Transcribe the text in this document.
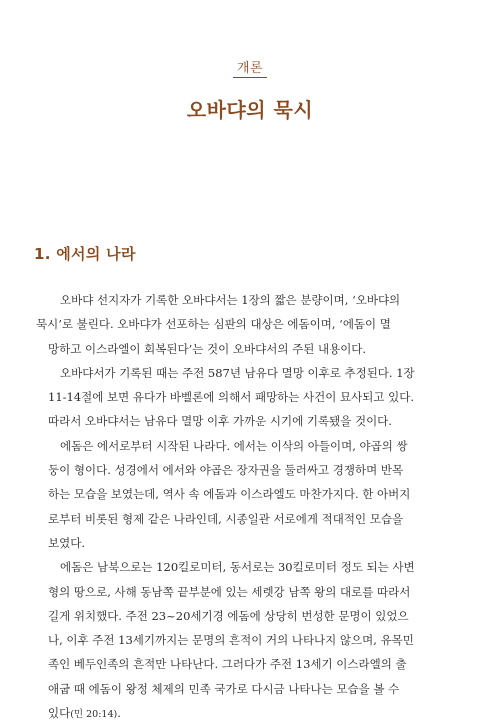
개론
오바댜의 묵시
1. 에서의 나라

오바댜 선지자가 기록한 오바댜서는 1장의 짧은 분량이며, ‘오바댜의
묵시’로 불린다. 오바댜가 선포하는 심판의 대상은 에돔이며, ‘에돔이 멸
망하고 이스라엘이 회복된다’는 것이 오바댜서의 주된 내용이다.

오바댜서가 기록된 때는 주전 587년 남유다 멸망 이후로 추정된다. 1장
11-14절에 보면 유다가 바벨론에 의해서 패망하는 사건이 묘사되고 있다.
따라서 오바댜서는 남유다 멸망 이후 가까운 시기에 기록됐을 것이다.

에돔은 에서로부터 시작된 나라다. 에서는 이삭의 아들이며, 야곱의 쌍
둥이 형이다. 성경에서 에서와 야곱은 장자권을 둘러싸고 경쟁하며 반목
하는 모습을 보였는데, 역사 속 에돔과 이스라엘도 마찬가지다. 한 아버지
로부터 비롯된 형제 같은 나라인데, 시종일관 서로에게 적대적인 모습을
보였다.

에돔은 남북으로는 120킬로미터, 동서로는 30킬로미터 정도 되는 사변
형의 땅으로, 사해 동남쪽 끝부분에 있는 세렛강 남쪽 왕의 대로를 따라서
길게 위치했다. 주전 23~20세기경 에돔에 상당히 번성한 문명이 있었으
나, 이후 주전 13세기까지는 문명의 흔적이 거의 나타나지 않으며, 유목민
족인 베두인족의 흔적만 나타난다. 그러다가 주전 13세기 이스라엘의 출
애굽 때 에돔이 왕정 체제의 민족 국가로 다시금 나타나는 모습을 볼 수
있다(민 20:14).
